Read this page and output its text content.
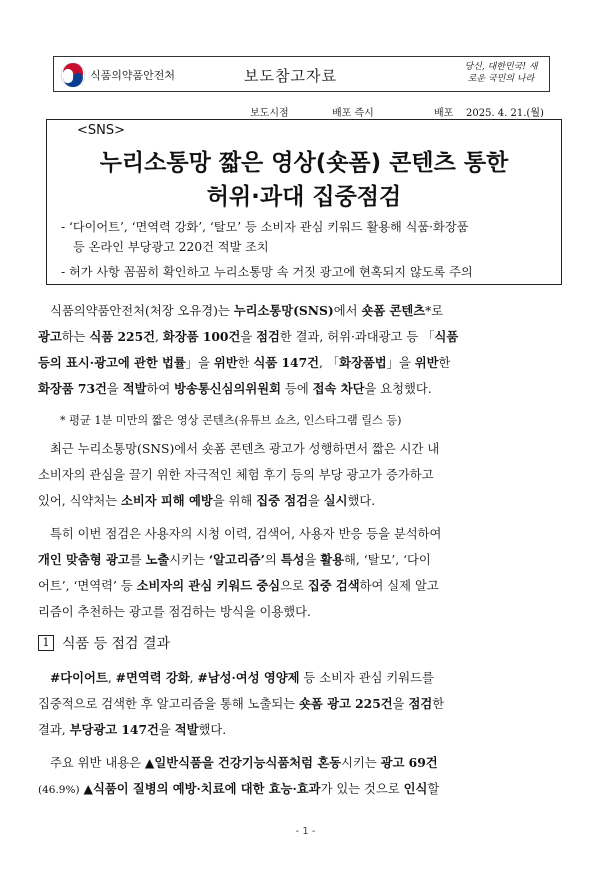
식품의약품안전처	보도참고자료	당신, 대한민국! 새로운 국민의 나라
보도시점	배포 즉시	배포 2025. 4. 21.(월)
<SNS>
누리소통망 짧은 영상(숏폼) 콘텐츠 통한
허위·과대 집중점검
- ‘다이어트’, ‘면역력 강화’, ‘탈모’ 등 소비자 관심 키워드 활용해 식품·화장품
등 온라인 부당광고 220건 적발 조치
- 허가 사항 꼼꼼히 확인하고 누리소통망 속 거짓 광고에 현혹되지 않도록 주의
식품의약품안전처(처장 오유경)는 누리소통망(SNS)에서 숏폼 콘텐츠*로
광고하는 식품 225건, 화장품 100건을 점검한 결과, 허위·과대광고 등 「식품
등의 표시·광고에 관한 법률」을 위반한 식품 147건, 「화장품법」을 위반한
화장품 73건을 적발하여 방송통신심의위원회 등에 접속 차단을 요청했다.
* 평균 1분 미만의 짧은 영상 콘텐츠(유튜브 쇼츠, 인스타그램 릴스 등)
최근 누리소통망(SNS)에서 숏폼 콘텐츠 광고가 성행하면서 짧은 시간 내
소비자의 관심을 끌기 위한 자극적인 체험 후기 등의 부당 광고가 증가하고
있어, 식약처는 소비자 피해 예방을 위해 집중 점검을 실시했다.
특히 이번 점검은 사용자의 시청 이력, 검색어, 사용자 반응 등을 분석하여
개인 맞춤형 광고를 노출시키는 ‘알고리즘’의 특성을 활용해, ‘탈모’, ‘다이
어트’, ‘면역력’ 등 소비자의 관심 키워드 중심으로 집중 검색하여 실제 알고
리즘이 추천하는 광고를 점검하는 방식을 이용했다.
1 식품 등 점검 결과
#다이어트, #면역력 강화, #남성·여성 영양제 등 소비자 관심 키워드를
집중적으로 검색한 후 알고리즘을 통해 노출되는 숏폼 광고 225건을 점검한
결과, 부당광고 147건을 적발했다.
주요 위반 내용은 ▲일반식품을 건강기능식품처럼 혼동시키는 광고 69건
(46.9%) ▲식품이 질병의 예방·치료에 대한 효능·효과가 있는 것으로 인식할
- 1 -
